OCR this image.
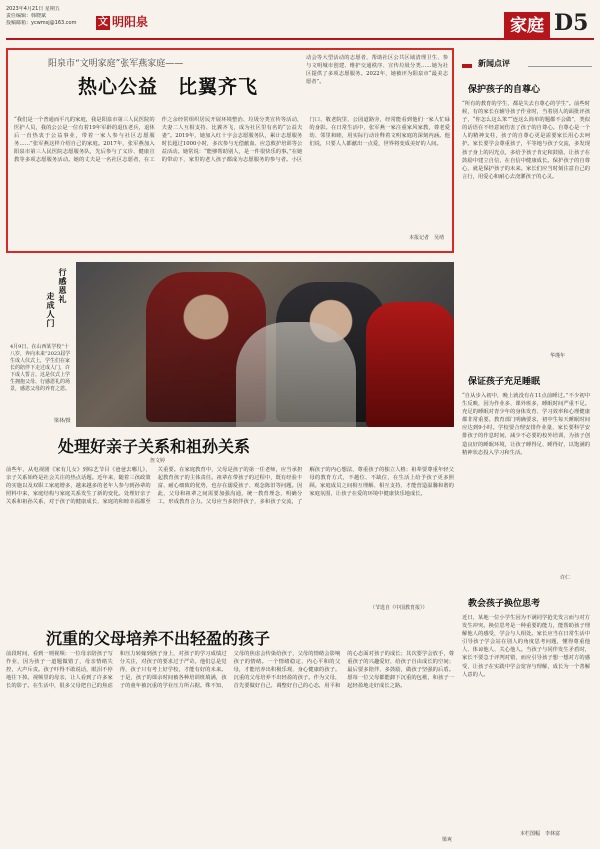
2023年4月21日 星期五
责任编辑：韩晓斌
投稿邮箱：ycwmsj@163.com	文 明阳泉	家庭 D5
阳泉市“文明家庭”张军燕家庭——
热心公益　比翼齐飞
动会等大型活动的志愿者，帮助社区公共区域清理卫生、参与文明城市创建、维护交通秩序、宣传垃圾分类……她为社区提供了多项志愿服务。2022年，她被评为阳泉市“最美志愿者”。
“我们是一个普通而平凡的家庭，我是阳泉市第三人民医院的医护人员，我的公公是一位有着19年军龄的退伍老兵，退休后一直热衷于公益事业，带着一家人参与社区志愿服务……”张军燕这样介绍自己的家庭。2017年，张军燕加入阳泉市第三人民医院志愿服务队，先后参与了义诊、健康宣教等多项志愿服务活动。她的丈夫是一名社区志愿者，在工作之余经常组织居民开展环境整治、垃圾分类宣传等活动，夫妻二人互相支持、比翼齐飞，成为社区里有名的“公益夫妻”。2019年，她加入红十字会志愿服务队，累计志愿服务时长超过1000小时，多次参与无偿献血、应急救护培训等公益活动。她常说：“能够帮助别人，是一件很快乐的事。”在她的带动下，家里的老人孩子都成为志愿服务的参与者。小区门口、敬老院里、公园道路旁，经常能看到他们一家人忙碌的身影。在日常生活中，张军燕一家注重家风家教，尊老爱幼、邻里和睦，用实际行动诠释着文明家庭的深刻内涵。他们说，只要人人都献出一点爱，世界将变成美好的人间。
本报记者　吴靖
行感恩礼
走成人门
4月9日，在山西某学校“十八岁，奔向未来”2023届学生成人仪式上，学生们在家长的陪伴下走过成人门，许下成人誓言。这是仪式上学生拥抱父母、行感恩礼的场景，感恩父母的养育之恩。
梁林/摄
处理好亲子关系和祖孙关系
詹文婷
前些年，从电视剧《家有儿女》到综艺节目《爸爸去哪儿》，亲子关系始终是社会关注的热点话题。近年来，随着三孩政策的实施以及双职工家庭增多，越来越多的老年人参与到孙辈的照料中来，家庭结构与家庭关系发生了新的变化。处理好亲子关系和祖孙关系，对于孩子的健康成长、家庭的和睦幸福都至关重要。在家庭教育中，父母是孩子的第一任老师，应当承担起教育孩子的主体责任。祖辈在带孩子的过程中，既有经验丰富、耐心细致的优势，也存在溺爱孩子、观念陈旧等问题。因此，父母和祖辈之间需要加强沟通，统一教育理念，明确分工，形成教育合力。父母应当多陪伴孩子，多和孩子交流，了解孩子的内心想法，尊重孩子的独立人格；祖辈要尊重年轻父母的教育方式，不越位、不缺位，在生活上给予孩子更多照顾。家庭成员之间相互理解、相互支持，才能营造温馨和谐的家庭氛围，让孩子在爱的环境中健康快乐地成长。
（节选自《中国教育报》）
沉重的父母培养不出轻盈的孩子
前段时间，看到一则视频：一位母亲陪孩子写作业，因为孩子一道题做错了，母亲情绪失控，大声斥责。孩子吓得不敢说话，眼泪不停地往下掉。视频里的母亲，让人看到了许多家长的影子。在生活中，很多父母把自己的焦虑和压力转嫁到孩子身上，对孩子的学习成绩过分关注，对孩子的要求过于严苛。他们总是觉得，孩子只有考上好学校，才能有好的未来。于是，孩子的课余时间被各种培训班填满，孩子的童年被沉重的学业压力所占据。殊不知，父母的焦虑会传染给孩子，父母的情绪会影响孩子的情绪。一个情绪稳定、内心平和的父母，才能培养出积极乐观、身心健康的孩子。沉重的父母培养不出轻盈的孩子。作为父母，首先要做好自己，调整好自己的心态，用平和的心态面对孩子的成长；其次要学会放手，尊重孩子的兴趣爱好，给孩子自由成长的空间；最后要多陪伴、多鼓励，做孩子坚强的后盾。愿每一位父母都能卸下沉重的包袱，和孩子一起轻盈地走好成长之路。
梁爽
新闻点评
保护孩子的自尊心
“所有的教育的学生，都是失去自尊心的学生”。前些时候，有的家长在辅导孩子作业时，当着别人的面批评孩子，“你怎么这么笨”“连这么简单的题都不会做”，类似的话语在不经意间伤害了孩子的自尊心。自尊心是一个人的精神支柱，孩子的自尊心更是需要家长用心去呵护。家长要学会尊重孩子，平等地与孩子交流，多发现孩子身上的闪光点，多给予孩子肯定和鼓励，让孩子在鼓励中建立自信，在自信中健康成长。保护孩子的自尊心，就是保护孩子的未来。家长们应当时刻注意自己的言行，用爱心和耐心去浇灌孩子的心灵。
华瑾年
保证孩子充足睡眠
“自从步入初中，晚上就没有在11点前睡过。”不少初中生反映，因为作业多、课外班多，睡眠时间严重不足。充足的睡眠对青少年的身体发育、学习效率和心理健康都非常重要。教育部门明确要求，初中生每天睡眠时间应达到9小时。学校要合理安排作业量，家长要科学安排孩子的作息时间，减少不必要的校外培训，为孩子创造良好的睡眠环境，让孩子睡得足、睡得好，以饱满的精神状态投入学习和生活。
许仁
教会孩子换位思考
近日，某地一位小学生因为不满同学抢先发言而与对方发生冲突。换位思考是一种重要的能力，能帮助孩子理解他人的感受，学会与人相处。家长应当在日常生活中引导孩子学会站在别人的角度思考问题，懂得尊重他人、体谅他人、关心他人。当孩子与同伴发生矛盾时，家长不要急于评判对错，而应引导孩子想一想对方的感受，让孩子在实践中学会宽容与理解，成长为一个善解人意的人。
本栏图幅　李林富
